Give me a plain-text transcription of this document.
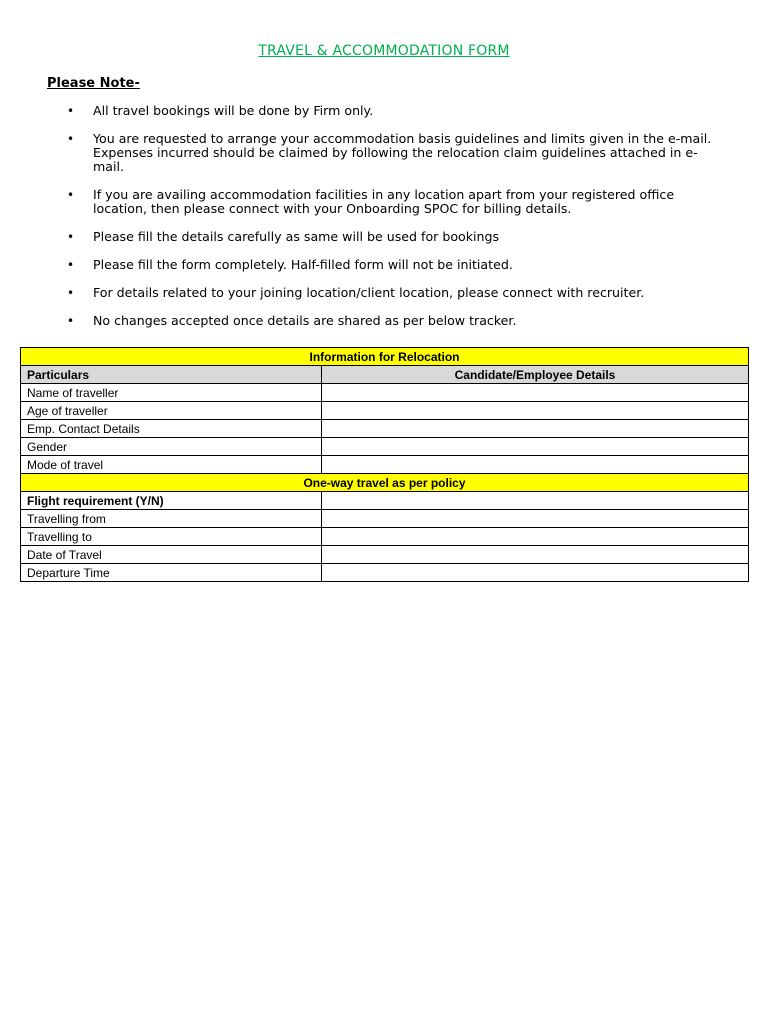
TRAVEL & ACCOMMODATION FORM
Please Note-
• All travel bookings will be done by Firm only.
• You are requested to arrange your accommodation basis guidelines and limits given in the e-mail. Expenses incurred should be claimed by following the relocation claim guidelines attached in e-mail.
• If you are availing accommodation facilities in any location apart from your registered office location, then please connect with your Onboarding SPOC for billing details.
• Please fill the details carefully as same will be used for bookings
• Please fill the form completely. Half-filled form will not be initiated.
• For details related to your joining location/client location, please connect with recruiter.
• No changes accepted once details are shared as per below tracker.
Information for Relocation	
Particulars	Candidate/Employee Details
Name of traveller	
Age of traveller	
Emp. Contact Details	
Gender	
Mode of travel	
One-way travel as per policy	
Flight requirement (Y/N)	
Travelling from	
Travelling to	
Date of Travel	
Departure Time	
